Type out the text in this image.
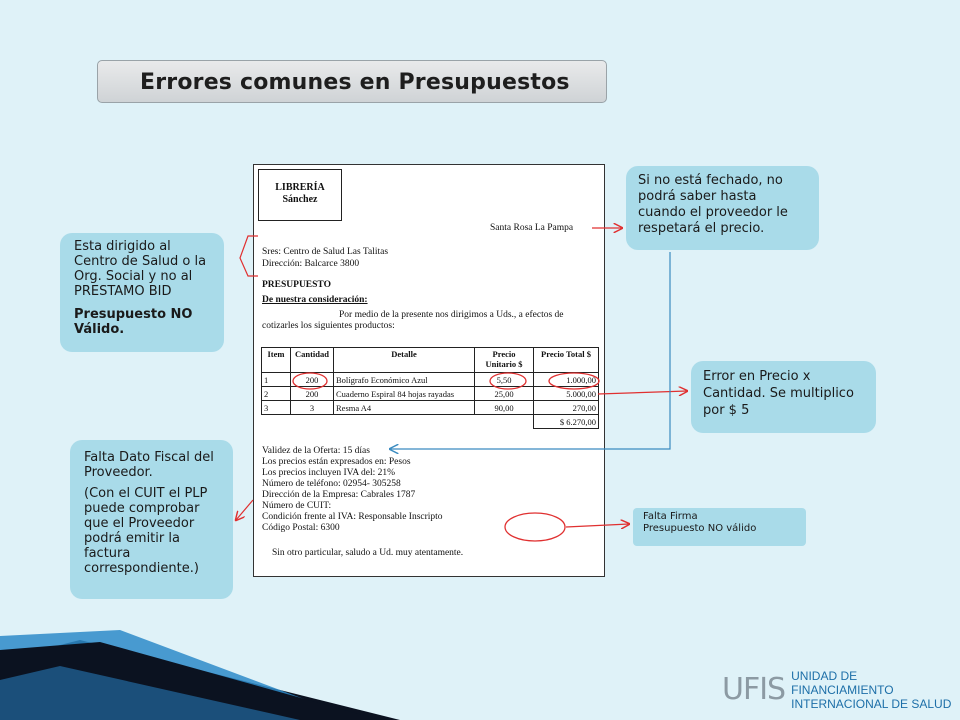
Errores comunes en Presupuestos
LIBRERÍA
Sánchez
Santa Rosa La Pampa
Sres: Centro de Salud Las Talitas
Dirección: Balcarce 3800
PRESUPUESTO
De nuestra consideración:
Por medio de la presente nos dirigimos a Uds., a efectos de
cotizarles los siguientes productos:
Item	Cantidad	Detalle	Precio Unitario $	Precio Total $
1	200	Bolígrafo Económico Azul	5,50	1.000,00
2	200	Cuaderno Espiral 84 hojas rayadas	25,00	5.000,00
3	3	Resma A4	90,00	270,00
				$ 6.270,00
Validez de la Oferta: 15 días
Los precios están expresados en: Pesos
Los precios incluyen IVA del: 21%
Número de teléfono: 02954- 305258
Dirección de la Empresa: Cabrales 1787
Número de CUIT:
Condición frente al IVA: Responsable Inscripto
Código Postal: 6300
Sin otro particular, saludo a Ud. muy atentamente.

Esta dirigido al Centro de Salud o la Org. Social y no al PRESTAMO BID

Presupuesto NO Válido.

Falta Dato Fiscal del Proveedor.

(Con el CUIT el PLP puede comprobar que el Proveedor podrá emitir la factura correspondiente.)

Si no está fechado, no podrá saber hasta cuando el proveedor le respetará el precio.
Error en Precio x Cantidad. Se multiplico por $ 5
Falta Firma
Presupuesto NO válido
UFIS UNIDAD DE FINANCIAMIENTO
INTERNACIONAL DE SALUD
